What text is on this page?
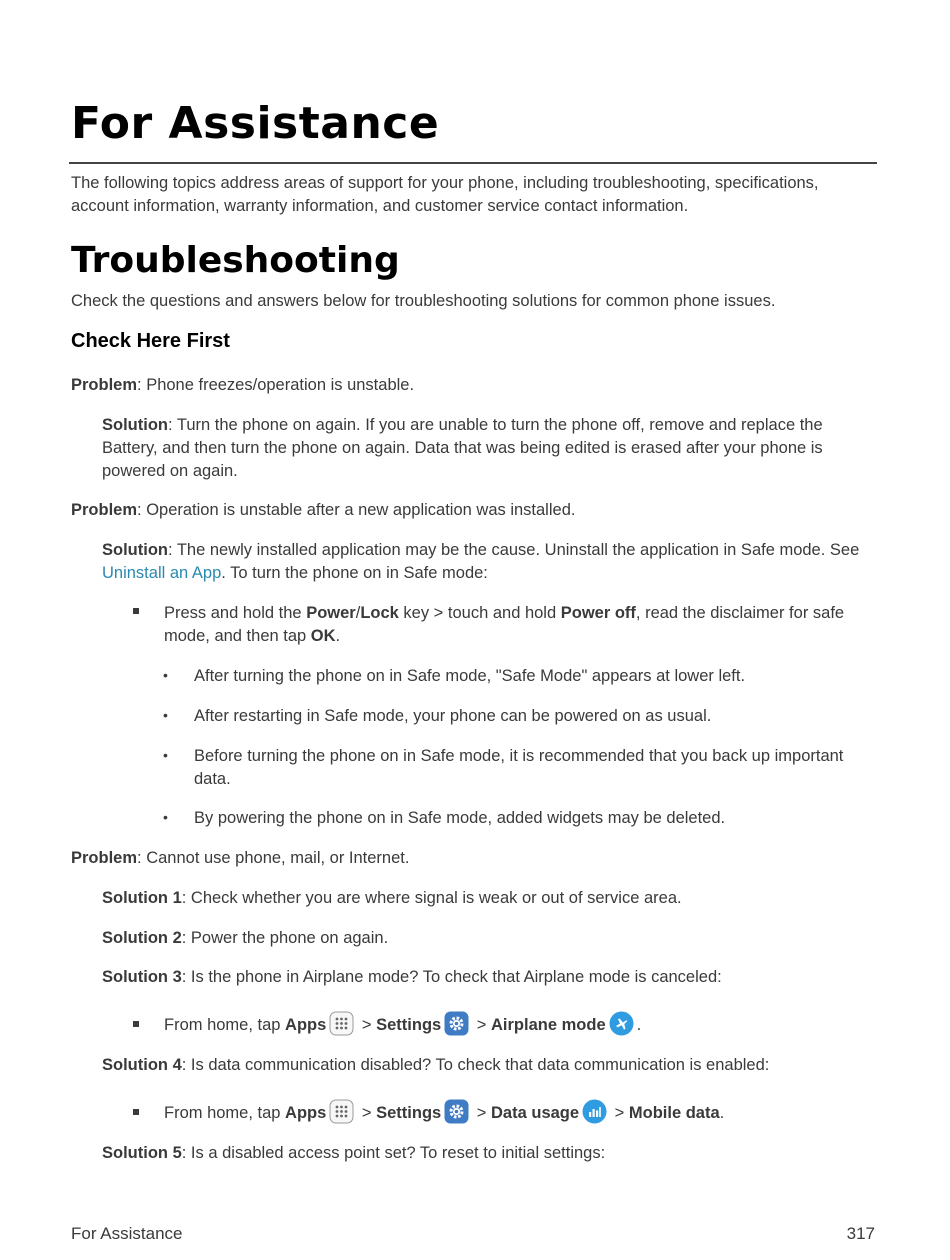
For Assistance

The following topics address areas of support for your phone, including troubleshooting, specifications, account information, warranty information, and customer service contact information.

Troubleshooting

Check the questions and answers below for troubleshooting solutions for common phone issues.

Check Here First

Problem: Phone freezes/operation is unstable.

Solution: Turn the phone on again. If you are unable to turn the phone off, remove and replace the Battery, and then turn the phone on again. Data that was being edited is erased after your phone is powered on again.

Problem: Operation is unstable after a new application was installed.

Solution: The newly installed application may be the cause. Uninstall the application in Safe mode. See Uninstall an App. To turn the phone on in Safe mode:

Press and hold the Power/Lock key > touch and hold Power off, read the disclaimer for safe mode, and then tap OK.

• After turning the phone on in Safe mode, "Safe Mode" appears at lower left.

• After restarting in Safe mode, your phone can be powered on as usual.

• Before turning the phone on in Safe mode, it is recommended that you back up important data.

• By powering the phone on in Safe mode, added widgets may be deleted.

Problem: Cannot use phone, mail, or Internet.

Solution 1: Check whether you are where signal is weak or out of service area.

Solution 2: Power the phone on again.

Solution 3: Is the phone in Airplane mode? To check that Airplane mode is canceled:

From home, tap Apps > Settings > Airplane mode .

Solution 4: Is data communication disabled? To check that data communication is enabled:

From home, tap Apps > Settings > Data usage > Mobile data.

Solution 5: Is a disabled access point set? To reset to initial settings:

For Assistance	317
